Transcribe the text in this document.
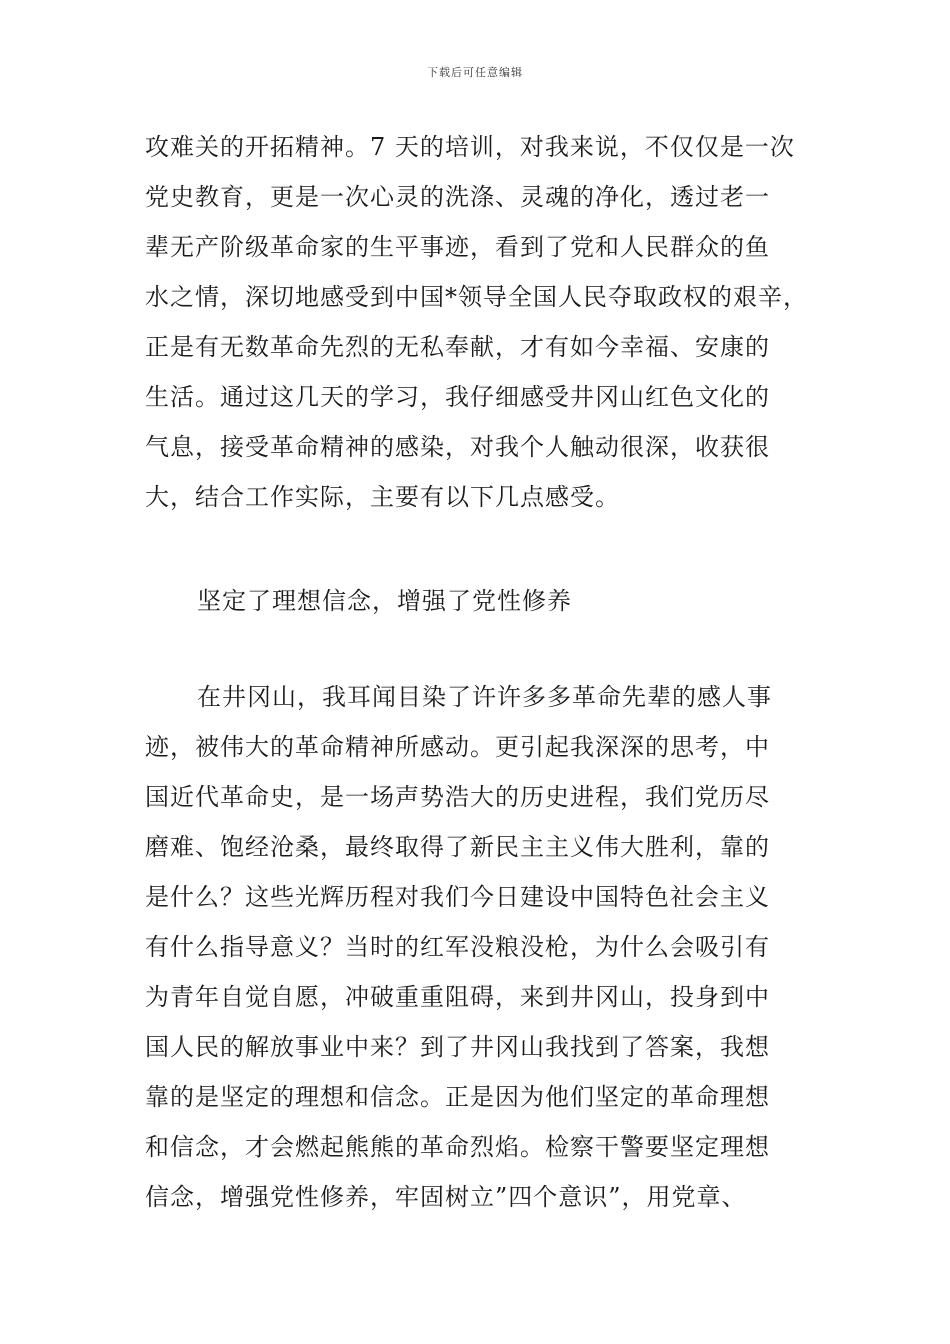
下载后可任意编辑
攻难关的开拓精神。7 天的培训，对我来说，不仅仅是一次
党史教育，更是一次心灵的洗涤、灵魂的净化，透过老一
辈无产阶级革命家的生平事迹，看到了党和人民群众的鱼
水之情，深切地感受到中国*领导全国人民夺取政权的艰辛，
正是有无数革命先烈的无私奉献，才有如今幸福、安康的
生活。通过这几天的学习，我仔细感受井冈山红色文化的
气息，接受革命精神的感染，对我个人触动很深，收获很
大，结合工作实际，主要有以下几点感受。
坚定了理想信念，增强了党性修养
在井冈山，我耳闻目染了许许多多革命先辈的感人事
迹，被伟大的革命精神所感动。更引起我深深的思考，中
国近代革命史，是一场声势浩大的历史进程，我们党历尽
磨难、饱经沧桑，最终取得了新民主主义伟大胜利，靠的
是什么？这些光辉历程对我们今日建设中国特色社会主义
有什么指导意义？当时的红军没粮没枪，为什么会吸引有
为青年自觉自愿，冲破重重阻碍，来到井冈山，投身到中
国人民的解放事业中来？到了井冈山我找到了答案，我想
靠的是坚定的理想和信念。正是因为他们坚定的革命理想
和信念，才会燃起熊熊的革命烈焰。检察干警要坚定理想
信念，增强党性修养，牢固树立”四个意识”，用党章、
